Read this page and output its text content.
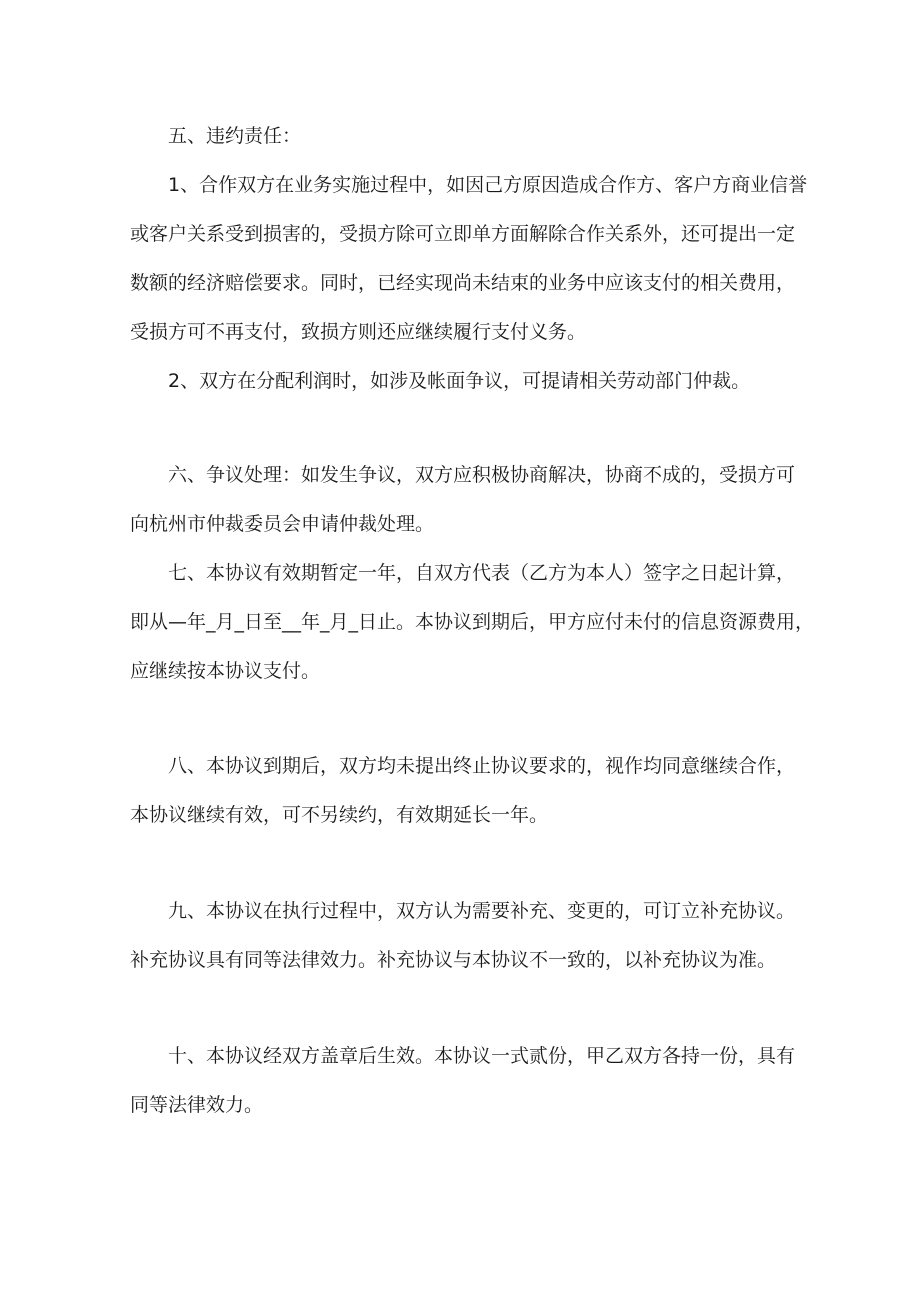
五、违约责任：
1、合作双方在业务实施过程中，如因己方原因造成合作方、客户方商业信誉
或客户关系受到损害的，受损方除可立即单方面解除合作关系外，还可提出一定
数额的经济赔偿要求。同时，已经实现尚未结束的业务中应该支付的相关费用，
受损方可不再支付，致损方则还应继续履行支付义务。
2、双方在分配利润时，如涉及帐面争议，可提请相关劳动部门仲裁。
六、争议处理：如发生争议，双方应积极协商解决，协商不成的，受损方可
向杭州市仲裁委员会申请仲裁处理。
七、本协议有效期暂定一年，自双方代表（乙方为本人）签字之日起计算，
即从—年_月_日至__年_月_日止。本协议到期后，甲方应付未付的信息资源费用，
应继续按本协议支付。
八、本协议到期后，双方均未提出终止协议要求的，视作均同意继续合作，
本协议继续有效，可不另续约，有效期延长一年。
九、本协议在执行过程中，双方认为需要补充、变更的，可订立补充协议。
补充协议具有同等法律效力。补充协议与本协议不一致的，以补充协议为准。
十、本协议经双方盖章后生效。本协议一式贰份，甲乙双方各持一份，具有
同等法律效力。
